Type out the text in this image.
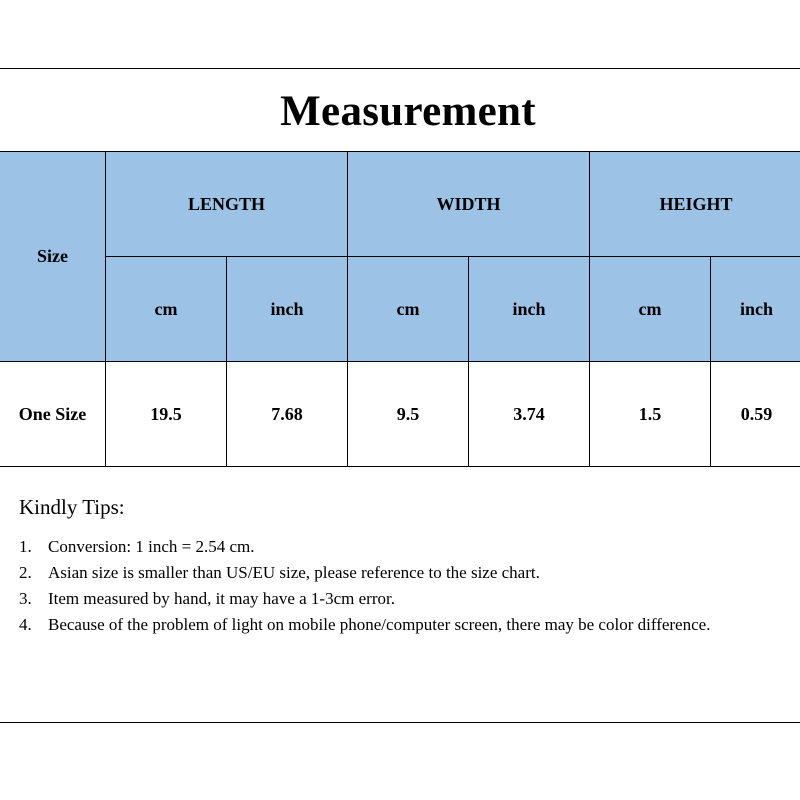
Measurement
Size	LENGTH		WIDTH		HEIGHT	
	cm	inch	cm	inch	cm	inch
One Size	19.5	7.68	9.5	3.74	1.5	0.59
Kindly Tips:
1. Conversion: 1 inch = 2.54 cm.
2. Asian size is smaller than US/EU size, please reference to the size chart.
3. Item measured by hand, it may have a 1-3cm error.
4. Because of the problem of light on mobile phone/computer screen, there may be color difference.
